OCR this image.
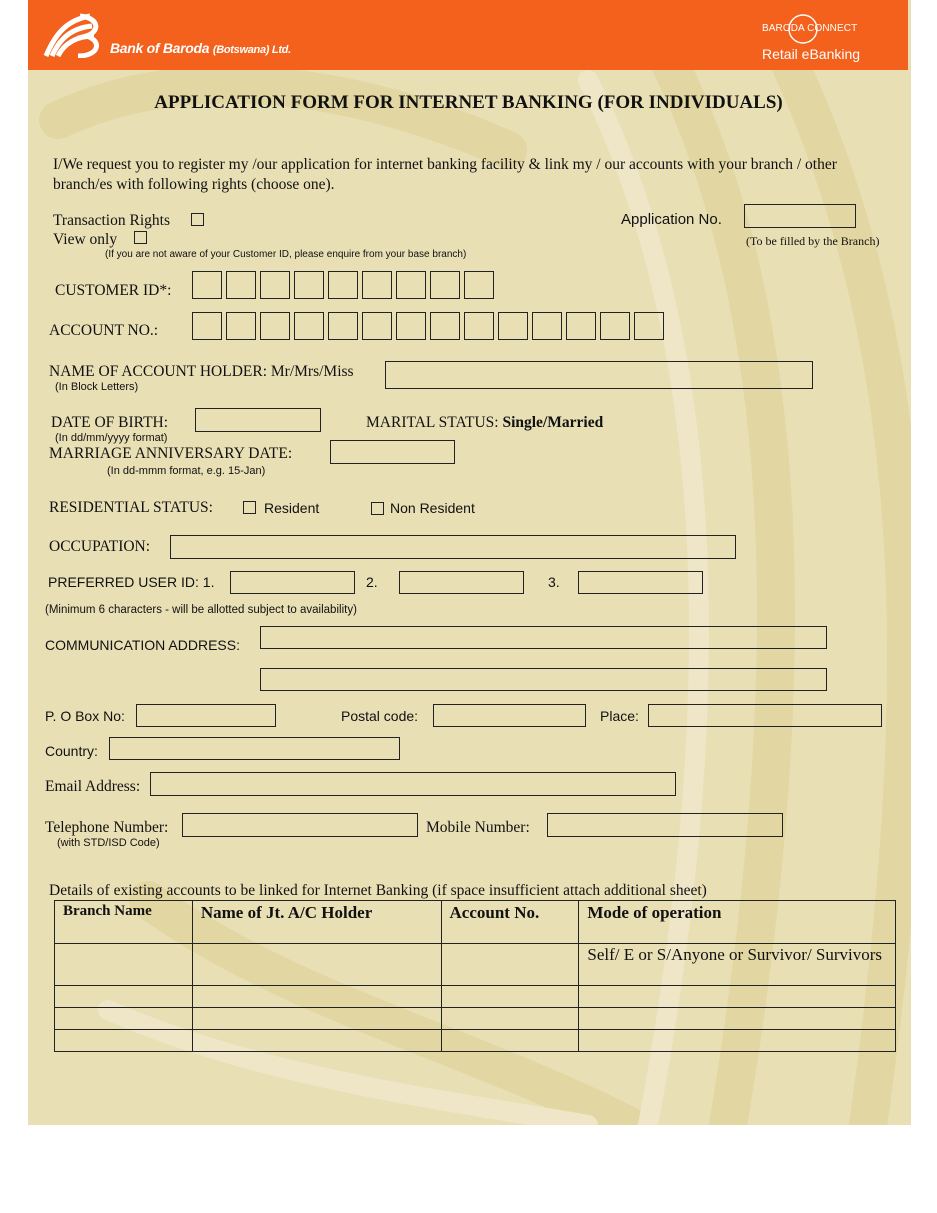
Bank of Baroda (Botswana) Ltd.
BARODA CONNECT
Retail eBanking
APPLICATION FORM FOR INTERNET BANKING (FOR INDIVIDUALS)
I/We request you to register my /our application for internet banking facility & link my / our accounts with your branch / other
branch/es with following rights (choose one).
Transaction Rights
View only
(If you are not aware of your Customer ID, please enquire from your base branch)
Application No.
(To be filled by the Branch)
CUSTOMER ID*:
ACCOUNT NO.:
NAME OF ACCOUNT HOLDER: Mr/Mrs/Miss
(In Block Letters)
DATE OF BIRTH:
(In dd/mm/yyyy format)
MARITAL STATUS: Single/Married
MARRIAGE ANNIVERSARY DATE:
(In dd-mmm format, e.g. 15-Jan)
RESIDENTIAL STATUS:	Resident	Non Resident
OCCUPATION:
PREFERRED USER ID: 1.	2.	3.
(Minimum 6 characters - will be allotted subject to availability)
COMMUNICATION ADDRESS:
P. O Box No:	Postal code:	Place:
Country:
Email Address:
Telephone Number:
(with STD/ISD Code)
Mobile Number:
Details of existing accounts to be linked for Internet Banking (if space insufficient attach additional sheet)
Branch Name	Name of Jt. A/C Holder	Account No.	Mode of operation
			Self/ E or S/Anyone or Survivor/ Survivors
